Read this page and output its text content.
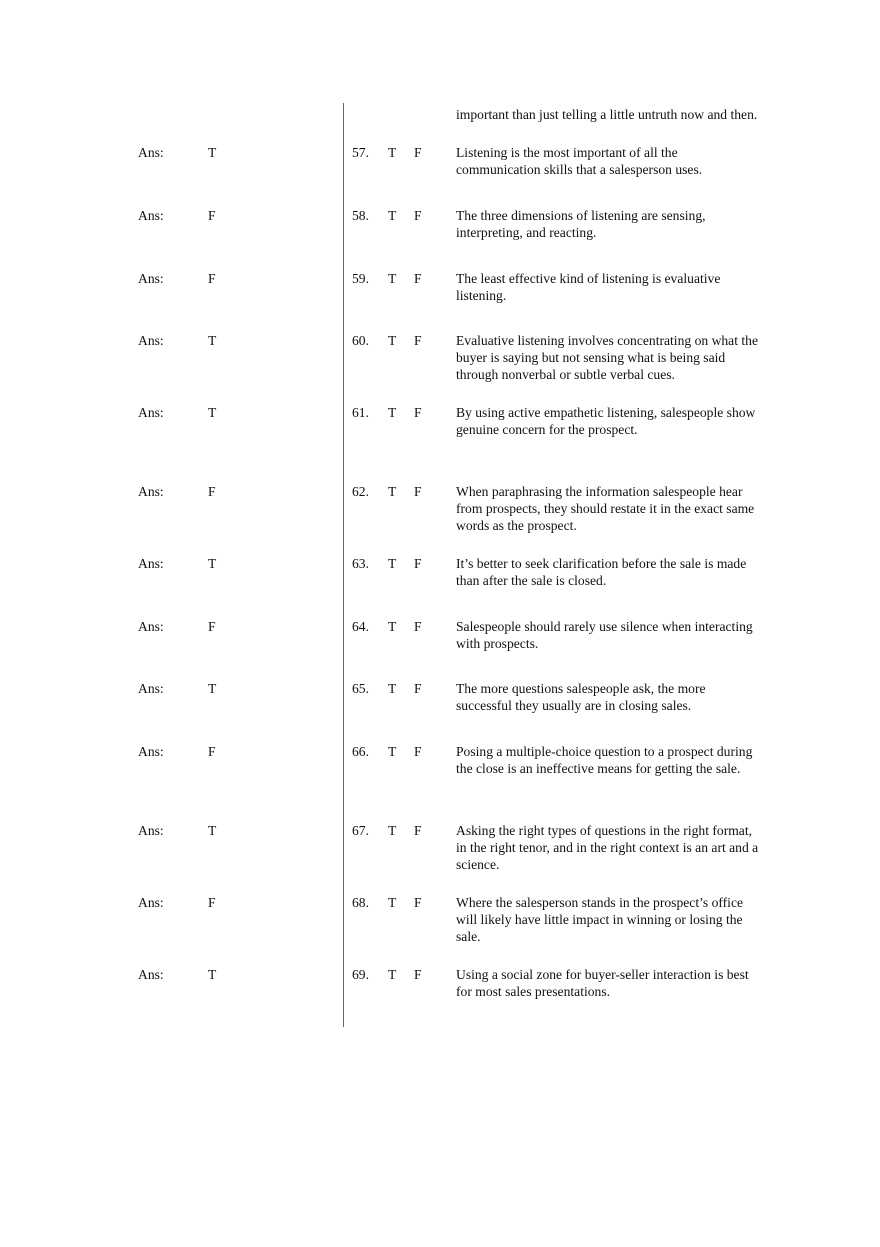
important than just telling a little untruth now and then.
Ans:	T	57. T F	Listening is the most important of all the
communication skills that a salesperson uses.
Ans:	F	58. T F	The three dimensions of listening are sensing,
interpreting, and reacting.
Ans:	F	59. T F	The least effective kind of listening is evaluative
listening.
Ans:	T	60. T F	Evaluative listening involves concentrating on what the
buyer is saying but not sensing what is being said
through nonverbal or subtle verbal cues.
Ans:	T	61. T F	By using active empathetic listening, salespeople show
genuine concern for the prospect.
Ans:	F	62. T F	When paraphrasing the information salespeople hear
from prospects, they should restate it in the exact same
words as the prospect.
Ans:	T	63. T F	It’s better to seek clarification before the sale is made
than after the sale is closed.
Ans:	F	64. T F	Salespeople should rarely use silence when interacting
with prospects.
Ans:	T	65. T F	The more questions salespeople ask, the more
successful they usually are in closing sales.
Ans:	F	66. T F	Posing a multiple-choice question to a prospect during
the close is an ineffective means for getting the sale.
Ans:	T	67. T F	Asking the right types of questions in the right format,
in the right tenor, and in the right context is an art and a
science.
Ans:	F	68. T F	Where the salesperson stands in the prospect’s office
will likely have little impact in winning or losing the
sale.
Ans:	T	69. T F	Using a social zone for buyer-seller interaction is best
for most sales presentations.
